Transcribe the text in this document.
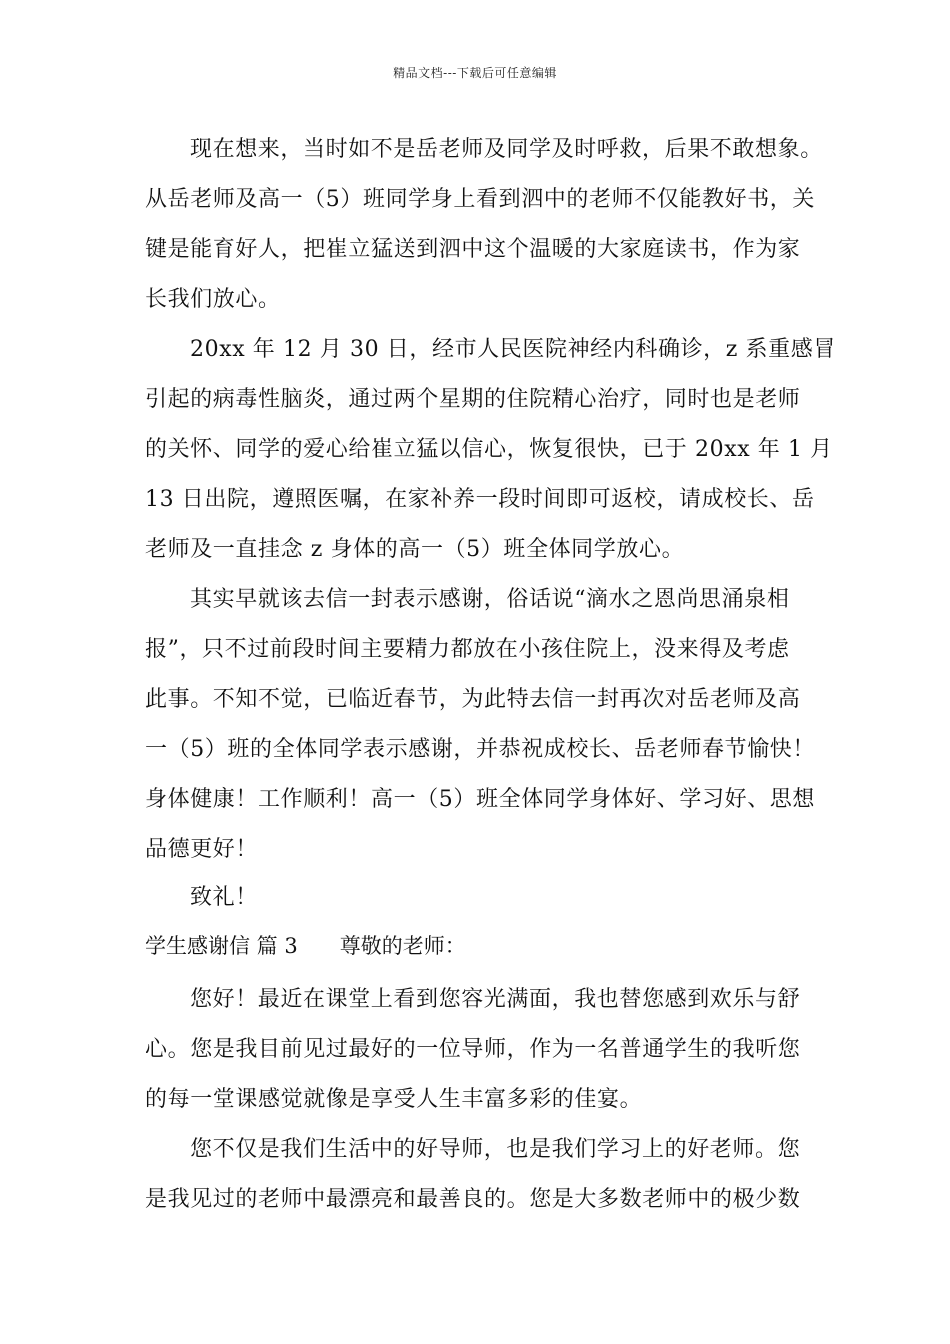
精品文档---下载后可任意编辑
现在想来，当时如不是岳老师及同学及时呼救，后果不敢想象。
从岳老师及高一（5）班同学身上看到泗中的老师不仅能教好书，关
键是能育好人，把崔立猛送到泗中这个温暖的大家庭读书，作为家
长我们放心。
20xx 年 12 月 30 日，经市人民医院神经内科确诊，z 系重感冒
引起的病毒性脑炎，通过两个星期的住院精心治疗，同时也是老师
的关怀、同学的爱心给崔立猛以信心，恢复很快，已于 20xx 年 1 月
13 日出院，遵照医嘱，在家补养一段时间即可返校，请成校长、岳
老师及一直挂念 z 身体的高一（5）班全体同学放心。
其实早就该去信一封表示感谢，俗话说“滴水之恩尚思涌泉相
报”，只不过前段时间主要精力都放在小孩住院上，没来得及考虑
此事。不知不觉，已临近春节，为此特去信一封再次对岳老师及高
一（5）班的全体同学表示感谢，并恭祝成校长、岳老师春节愉快！
身体健康！工作顺利！高一（5）班全体同学身体好、学习好、思想
品德更好！
致礼！
学生感谢信 篇 3 尊敬的老师：
您好！最近在课堂上看到您容光满面，我也替您感到欢乐与舒
心。您是我目前见过最好的一位导师，作为一名普通学生的我听您
的每一堂课感觉就像是享受人生丰富多彩的佳宴。
您不仅是我们生活中的好导师，也是我们学习上的好老师。您
是我见过的老师中最漂亮和最善良的。您是大多数老师中的极少数
